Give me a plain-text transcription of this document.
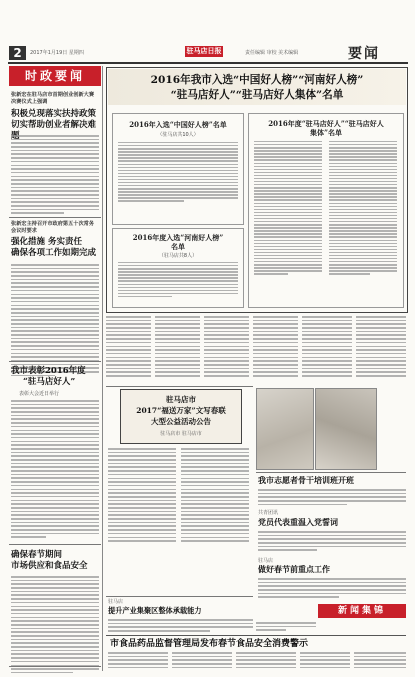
2	2017年1月19日 星期四	驻马店日报	责任编辑 审校 美术编辑	要闻
时政要闻
张新宏在驻马店市首期创业创新大赛决赛仪式上强调
积极兑现落实扶持政策
切实帮助创业者解决难
张新宏主持召开市政府第五十次常务会议时要求
强化措施 务实责任
确保各项工作如期完成
我市表彰2016年度
“驻马店好人”
表彰大会近日举行
确保春节期间
市场供应和食品安全
2016年我市入选“中国好人榜”“河南好人榜”
“驻马店好人”“驻马店好人集体”名单
2016年入选“中国好人榜”名单
（驻马店共10人）
2016年度入选“河南好人榜”
名单
（驻马店共8人）
2016年度“驻马店好人”“驻马店好人
集体”名单
驻马店市
2017“福送万家”文写春联
大型公益活动公告
驻马店市 驻马店市
我市志愿者骨干培训班开班
共青团讯
党员代表重温入党誓词
驻马店
做好春节前重点工作
新闻集锦
驻马店
提升产业集聚区整体承载能力
市食品药品监督管理局发布春节食品安全消费警示
